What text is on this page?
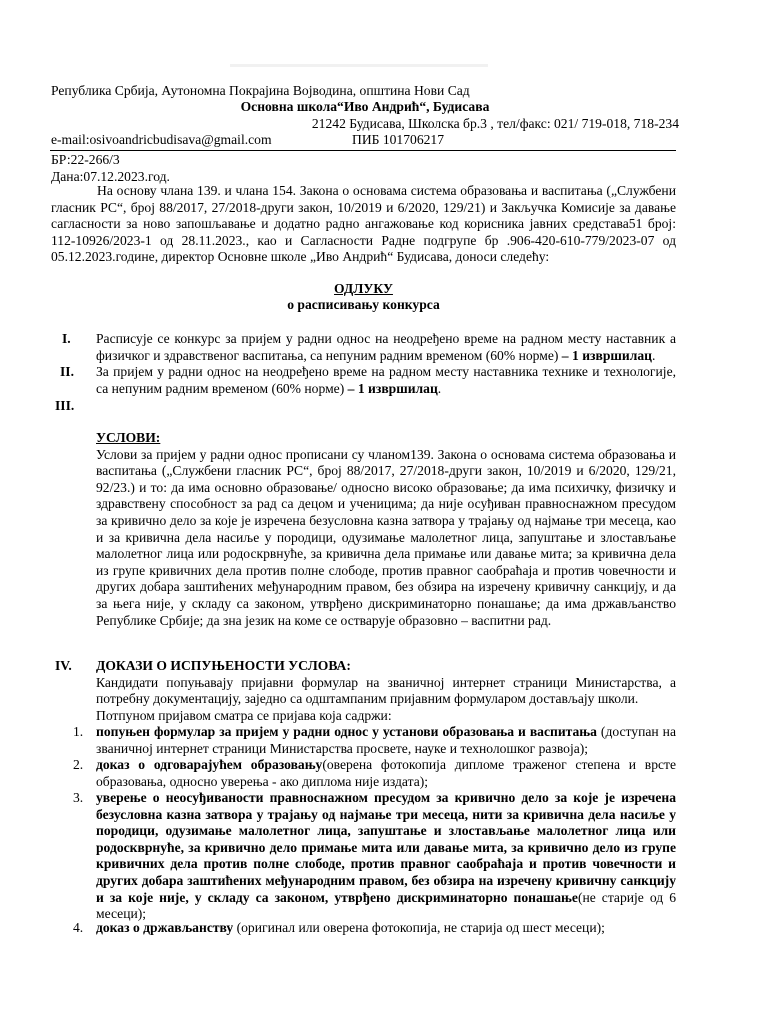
Република Србија, Аутономна Покрајина Војводина, општина Нови Сад
Основна школа“Иво Андрић“, Будисава
21242 Будисава, Школска бр.3 , тел/факс: 021/ 719-018, 718-234
e-mail:osivoandricbudisava@gmail.com	ПИБ 101706217
БР:22-266/3
Дана:07.12.2023.год.
На основу члана 139. и члана 154. Закона о основама система образовања и васпитања („Службени гласник РС“, број 88/2017, 27/2018-други закон, 10/2019 и 6/2020, 129/21) и Закључка Комисије за давање сагласности за ново запошљавање и додатно радно ангажовање код корисника јавних средстава51 број: 112-10926/2023-1 од 28.11.2023., као и Сагласности Радне подгрупе бр .906-420-610-779/2023-07 од 05.12.2023.године, директор Основне школе „Иво Андрић“ Будисава, доноси следећу:
ОДЛУКУ
о расписивању конкурса
I. Расписује се конкурс за пријем у радни однос на неодређено време на радном месту наставник а физичког и здравственог васпитања, са непуним радним временом (60% норме) – 1 извршилац.
II. За пријем у радни однос на неодређено време на радном месту наставника технике и технологије, са непуним радним временом (60% норме) – 1 извршилац.
III.
УСЛОВИ:
Услови за пријем у радни однос прописани су чланом139. Закона о основама система образовања и васпитања („Службени гласник РС“, број 88/2017, 27/2018-други закон, 10/2019 и 6/2020, 129/21, 92/23.) и то: да има основно образовање/ односно високо образовање; да има психичку, физичку и здравствену способност за рад са децом и ученицима; да није осуђиван правноснажном пресудом за кривично дело за које је изречена безусловна казна затвора у трајању од најмање три месеца, као и за кривична дела насиље у породици, одузимање малолетног лица, запуштање и злостављање малолетног лица или родоскрвнуће, за кривична дела примање или давање мита; за кривична дела из групе кривичних дела против полне слободе, против правног саобраћаја и против човечности и других добара заштићених међународним правом, без обзира на изречену кривичну санкцију, и да за њега није, у складу са законом, утврђено дискриминаторно понашање; да има држављанство Републике Србије; да зна језик на коме се остварује образовно – васпитни рад.
IV. ДОКАЗИ О ИСПУЊЕНОСТИ УСЛОВА:
Кандидати попуњавају пријавни формулар на званичној интернет страници Министарства, а потребну документацију, заједно са одштампаним пријавним формуларом достављају школи.
Потпуном пријавом сматра се пријава која садржи:
1. попуњен формулар за пријем у радни однос у установи образовања и васпитања (доступан на званичној интернет страници Министарства просвете, науке и технолошког развоја);
2. доказ о одговарајућем образовању(оверена фотокопија дипломе траженог степена и врсте образовања, односно уверења - ако диплома није издата);
3. уверење о неосуђиваности правноснажном пресудом за кривично дело за које је изречена безусловна казна затвора у трајању од најмање три месеца, нити за кривична дела насиље у породици, одузимање малолетног лица, запуштање и злостављање малолетног лица или родоскврнуће, за кривично дело примање мита или давање мита, за кривично дело из групе кривичних дела против полне слободе, против правног саобраћаја и против човечности и других добара заштићених међународним правом, без обзира на изречену кривичну санкцију и за које није, у складу са законом, утврђено дискриминаторно понашање(не старије од 6 месеци);
4. доказ о држављанству (оригинал или оверена фотокопија, не старија од шест месеци);
